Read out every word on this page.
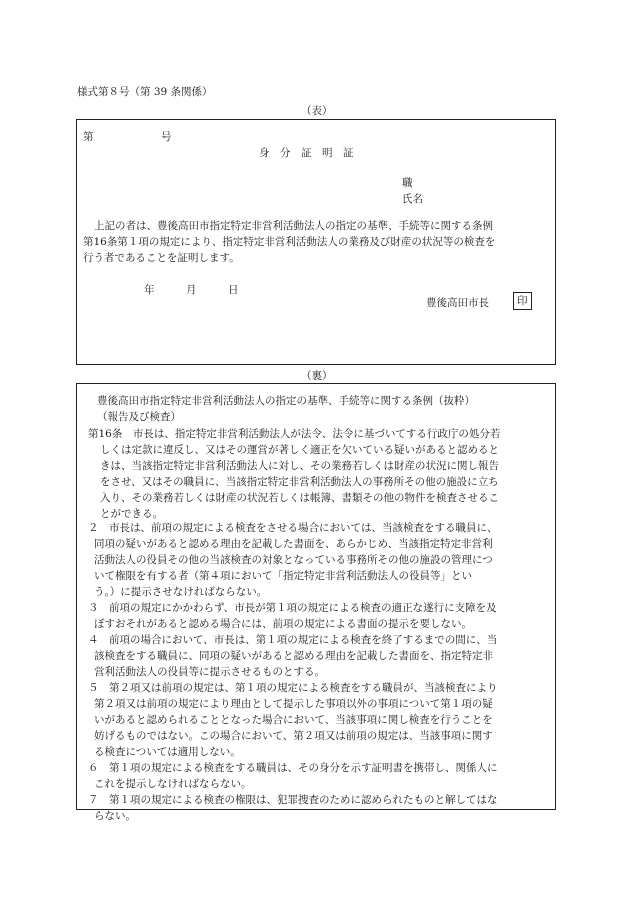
様式第８号（第 39 条関係）
（表）
第	号
身　分　証　明　証
職
氏名
上記の者は、豊後高田市指定特定非営利活動法人の指定の基準、手続等に関する条例
第16条第１項の規定により、指定特定非営利活動法人の業務及び財産の状況等の検査を
行う者であることを証明します。
年	月	日
豊後高田市長	印
（裏）
豊後高田市指定特定非営利活動法人の指定の基準、手続等に関する条例（抜粋）
（報告及び検査）
第16条　市長は、指定特定非営利活動法人が法令、法令に基づいてする行政庁の処分若
しくは定款に違反し、又はその運営が著しく適正を欠いている疑いがあると認めると
きは、当該指定特定非営利活動法人に対し、その業務若しくは財産の状況に関し報告
をさせ、又はその職員に、当該指定特定非営利活動法人の事務所その他の施設に立ち
入り、その業務若しくは財産の状況若しくは帳簿、書類その他の物件を検査させるこ
とができる。
２　市長は、前項の規定による検査をさせる場合においては、当該検査をする職員に、
同項の疑いがあると認める理由を記載した書面を、あらかじめ、当該指定特定非営利
活動法人の役員その他の当該検査の対象となっている事務所その他の施設の管理につ
いて権限を有する者（第４項において「指定特定非営利活動法人の役員等」とい
う。）に提示させなければならない。
３　前項の規定にかかわらず、市長が第１項の規定による検査の適正な遂行に支障を及
ぼすおそれがあると認める場合には、前項の規定による書面の提示を要しない。
４　前項の場合において、市長は、第１項の規定による検査を終了するまでの間に、当
該検査をする職員に、同項の疑いがあると認める理由を記載した書面を、指定特定非
営利活動法人の役員等に提示させるものとする。
５　第２項又は前項の規定は、第１項の規定による検査をする職員が、当該検査により
第２項又は前項の規定により理由として提示した事項以外の事項について第１項の疑
いがあると認められることとなった場合において、当該事項に関し検査を行うことを
妨げるものではない。この場合において、第２項又は前項の規定は、当該事項に関す
る検査については適用しない。
６　第１項の規定による検査をする職員は、その身分を示す証明書を携帯し、関係人に
これを提示しなければならない。
７　第１項の規定による検査の権限は、犯罪捜査のために認められたものと解してはな
らない。
